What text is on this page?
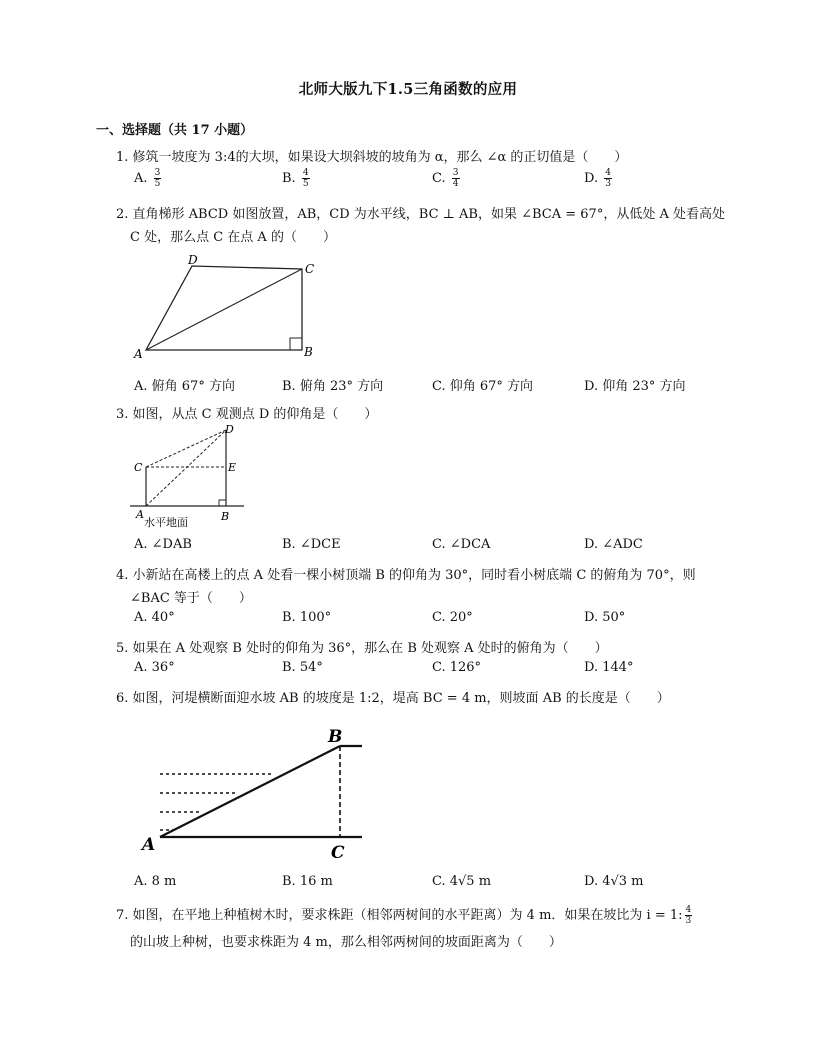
北师大版九下1.5三角函数的应用
一、选择题（共 17 小题）
1. 修筑一坡度为 3:4的大坝，如果设大坝斜坡的坡角为 α，那么 ∠α 的正切值是（　　）
A. $\frac{3}{5}$	B. $\frac{4}{5}$	C. $\frac{3}{4}$	D. $\frac{4}{3}$
2. 直角梯形 ABCD 如图放置，AB，CD 为水平线，BC ⊥ AB，如果 ∠BCA = 67°，从低处 A 处看高处
C 处，那么点 C 在点 A 的（　　）
D
C
A	B
A. 俯角 67° 方向	B. 俯角 23° 方向	C. 仰角 67° 方向	D. 仰角 23° 方向
3. 如图，从点 C 观测点 D 的仰角是（　　）
D
C	E
A	B
水平地面
A. ∠DAB	B. ∠DCE	C. ∠DCA	D. ∠ADC
4. 小新站在高楼上的点 A 处看一棵小树顶端 B 的仰角为 30°，同时看小树底端 C 的俯角为 70°，则
∠BAC 等于（　　）
A. 40°	B. 100°	C. 20°	D. 50°
5. 如果在 A 处观察 B 处时的仰角为 36°，那么在 B 处观察 A 处时的俯角为（　　）
A. 36°	B. 54°	C. 126°	D. 144°
6. 如图，河堤横断面迎水坡 AB 的坡度是 1:2，堤高 BC = 4 m，则坡面 AB 的长度是（　　）
B
A	C
A. 8 m	B. 16 m	C. 4√5 m	D. 4√3 m
7. 如图，在平地上种植树木时，要求株距（相邻两树间的水平距离）为 4 m．如果在坡比为 i = 1: $\frac{4}{3}$
的山坡上种树，也要求株距为 4 m，那么相邻两树间的坡面距离为（　　）
